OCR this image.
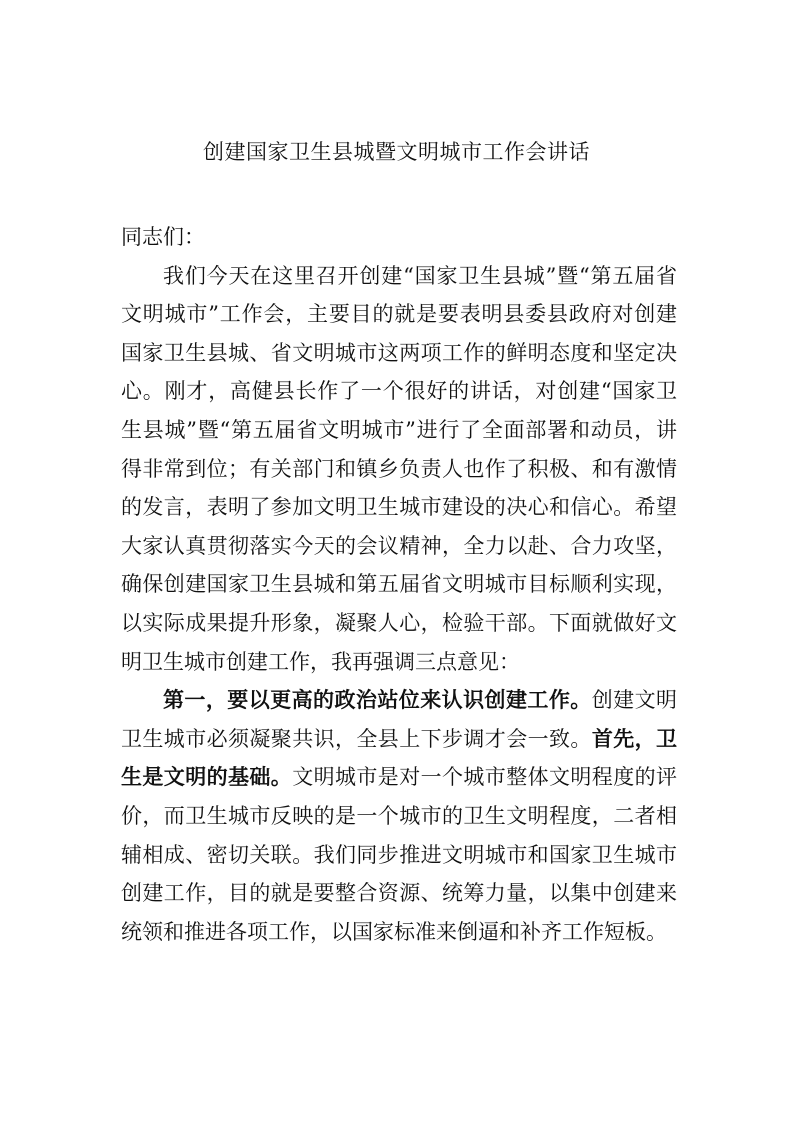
创建国家卫生县城暨文明城市工作会讲话

同志们：

我们今天在这里召开创建“国家卫生县城”暨“第五届省文明城市”工作会，主要目的就是要表明县委县政府对创建国家卫生县城、省文明城市这两项工作的鲜明态度和坚定决心。刚才，高健县长作了一个很好的讲话，对创建“国家卫生县城”暨“第五届省文明城市”进行了全面部署和动员，讲得非常到位；有关部门和镇乡负责人也作了积极、和有激情的发言，表明了参加文明卫生城市建设的决心和信心。希望大家认真贯彻落实今天的会议精神，全力以赴、合力攻坚，确保创建国家卫生县城和第五届省文明城市目标顺利实现，以实际成果提升形象，凝聚人心，检验干部。下面就做好文明卫生城市创建工作，我再强调三点意见：

第一，要以更高的政治站位来认识创建工作。创建文明卫生城市必须凝聚共识，全县上下步调才会一致。首先，卫生是文明的基础。文明城市是对一个城市整体文明程度的评价，而卫生城市反映的是一个城市的卫生文明程度，二者相辅相成、密切关联。我们同步推进文明城市和国家卫生城市创建工作，目的就是要整合资源、统筹力量，以集中创建来统领和推进各项工作，以国家标准来倒逼和补齐工作短板。
